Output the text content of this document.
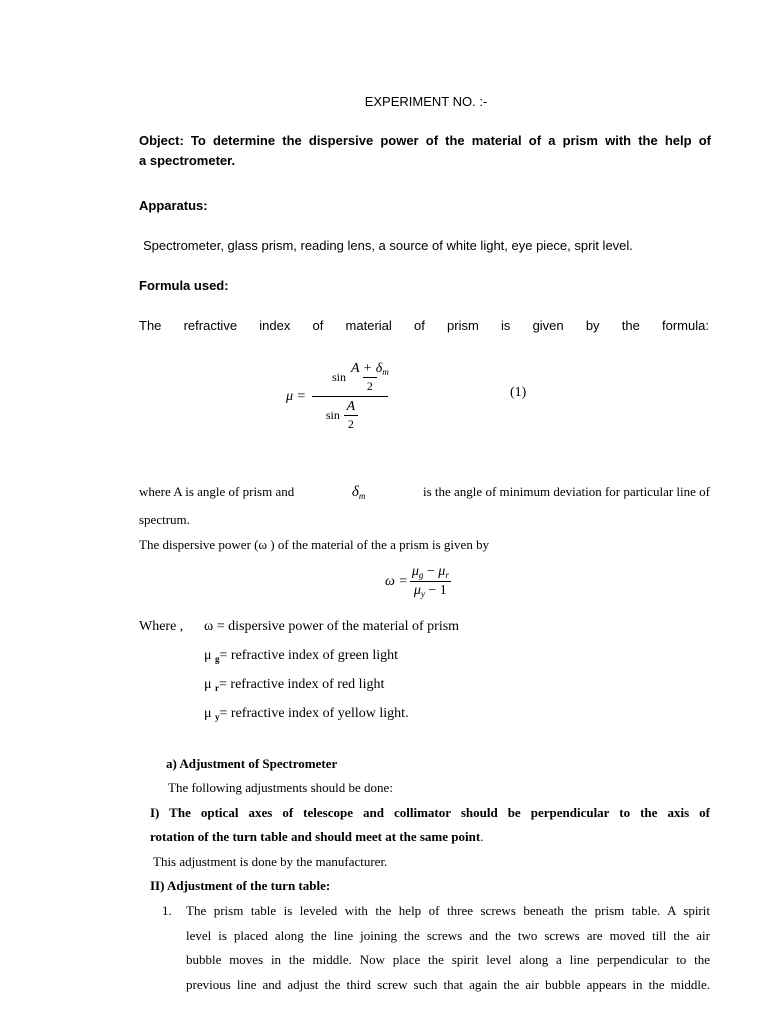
EXPERIMENT NO. :-
Object: To determine the dispersive power of the material of a prism with the help of
a spectrometer.
Apparatus:
Spectrometer, glass prism, reading lens, a source of white light, eye piece, sprit level.
Formula used:
The refractive index of material of prism is given by the formula:
$\mu = \frac{\sin \frac{A + \delta_m}{2}}{\sin \frac{A}{2}}$	(1)
where A is angle of prism and	$\delta_m$	is the angle of minimum deviation for particular line of
spectrum.
The dispersive power (ω ) of the material of the a prism is given by
$\omega = \frac{\mu_g - \mu_r}{\mu_y - 1}$
Where , ω = dispersive power of the material of prism
μ $_g$= refractive index of green light
μ $_r$= refractive index of red light
μ $_y$= refractive index of yellow light.
a) Adjustment of Spectrometer
The following adjustments should be done:
I) The optical axes of telescope and collimator should be perpendicular to the axis of
rotation of the turn table and should meet at the same point.
This adjustment is done by the manufacturer.
II) Adjustment of the turn table:
1. The prism table is leveled with the help of three screws beneath the prism table. A spirit
level is placed along the line joining the screws and the two screws are moved till the air
bubble moves in the middle. Now place the spirit level along a line perpendicular to the
previous line and adjust the third screw such that again the air bubble appears in the middle.
